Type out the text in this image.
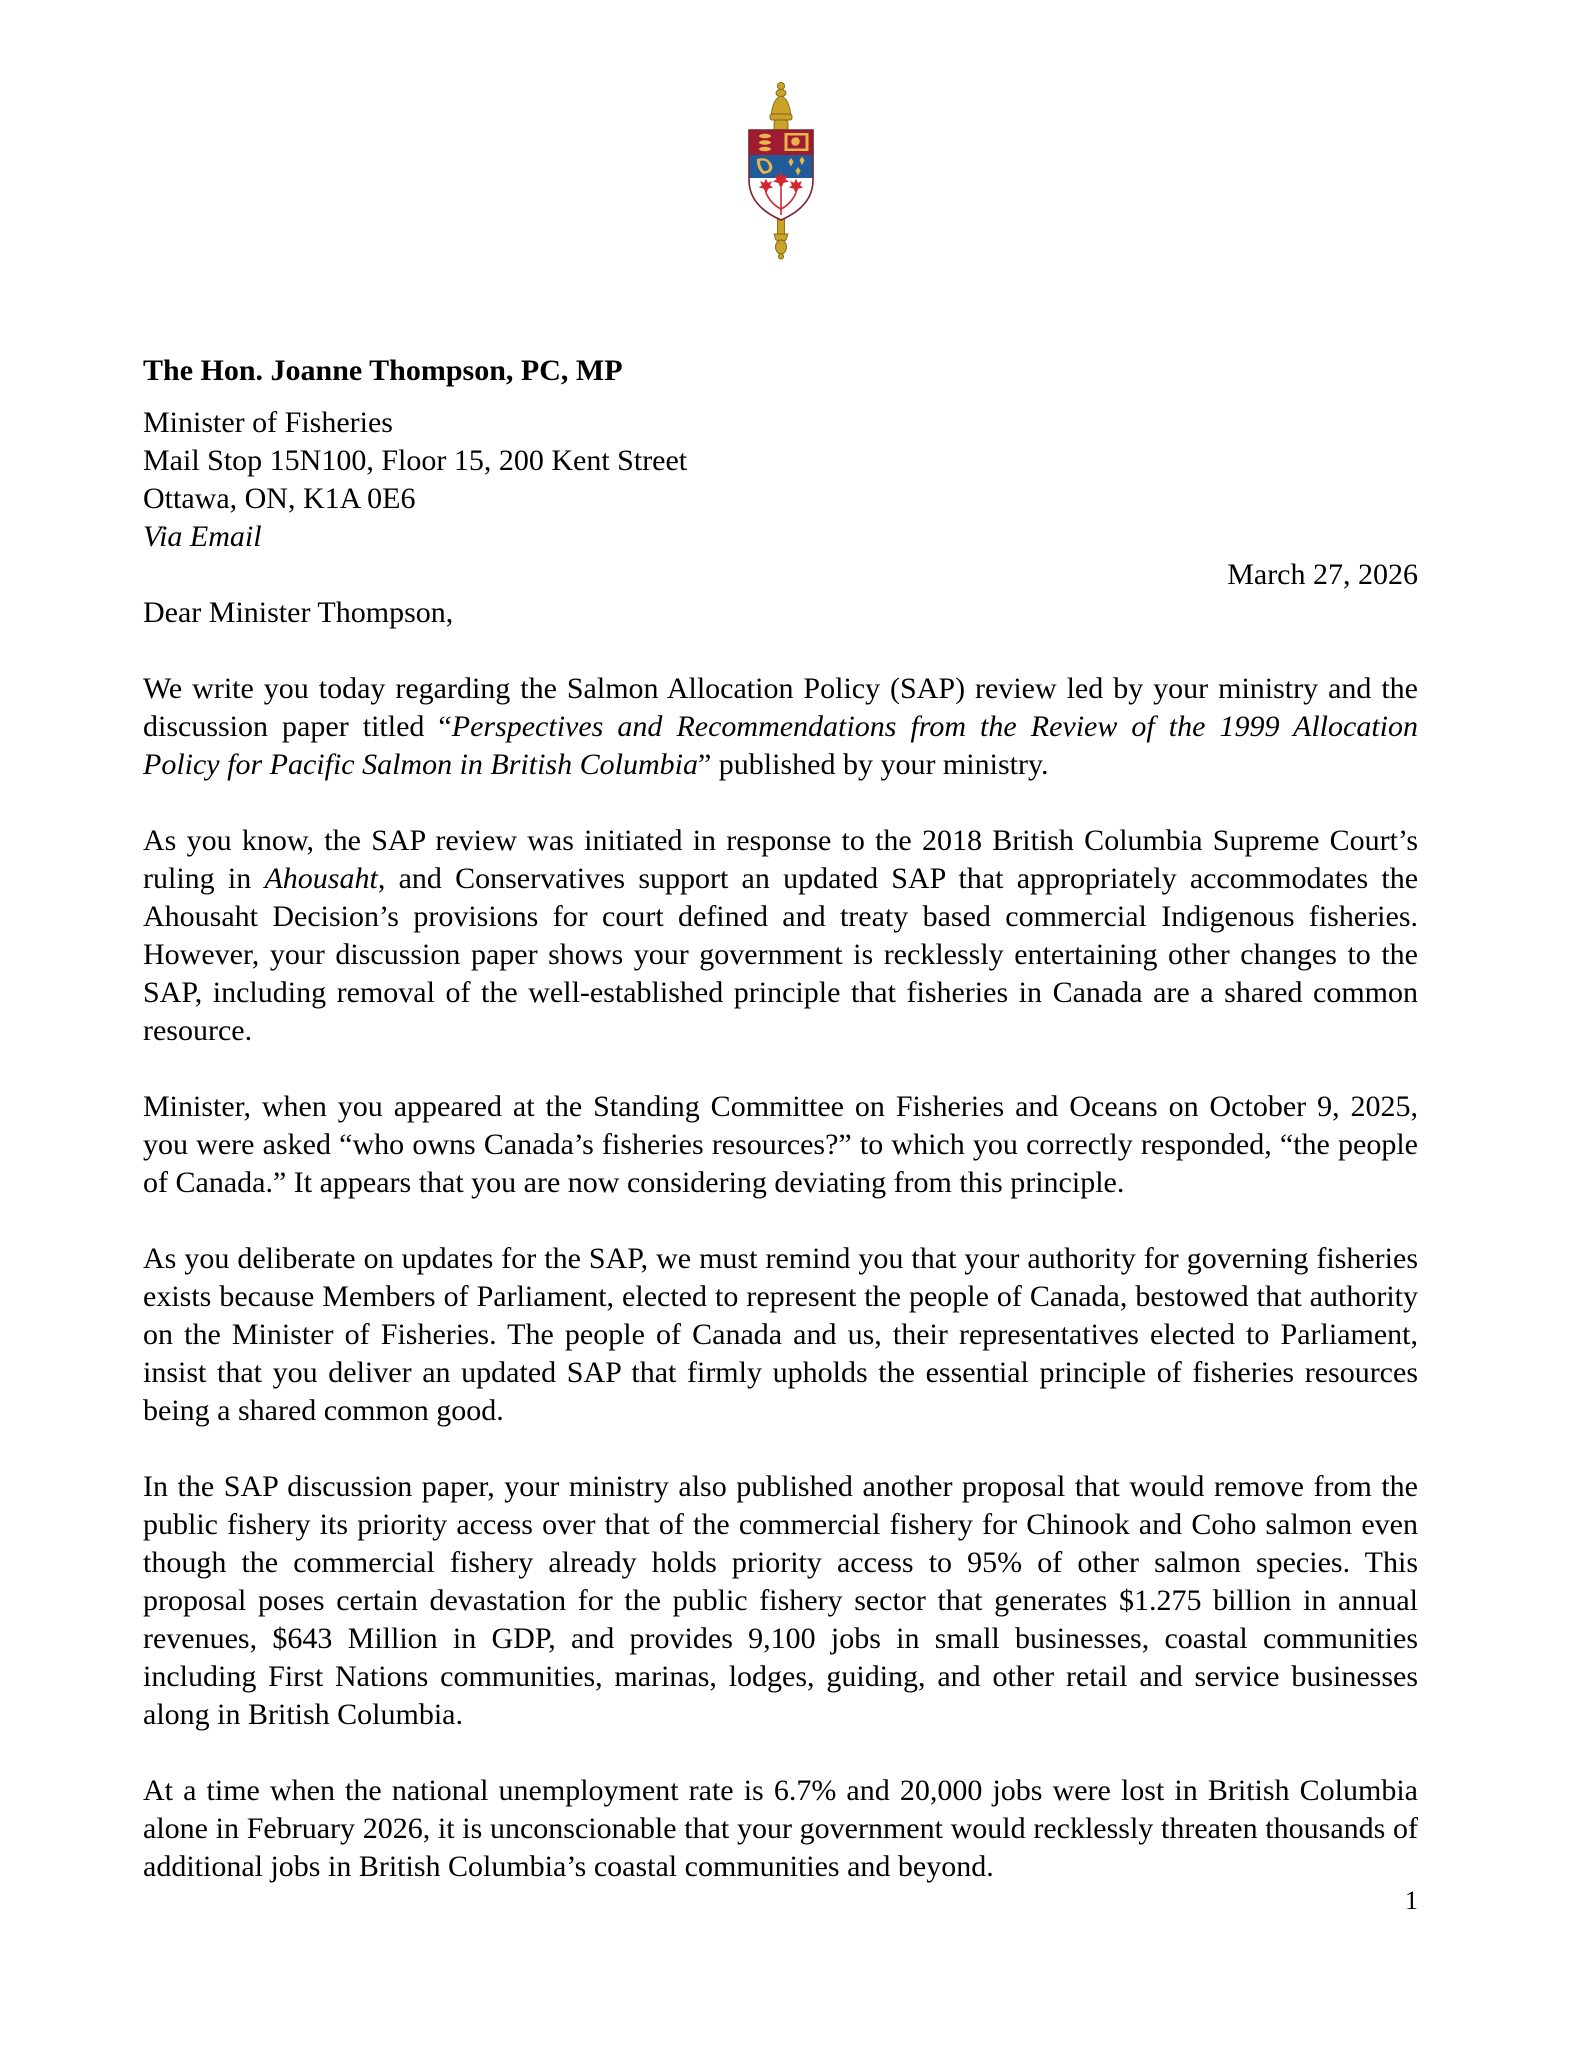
The Hon. Joanne Thompson, PC, MP
Minister of Fisheries
Mail Stop 15N100, Floor 15, 200 Kent Street
Ottawa, ON, K1A 0E6
Via Email
March 27, 2026
Dear Minister Thompson,

We write you today regarding the Salmon Allocation Policy (SAP) review led by your ministry and the discussion paper titled “Perspectives and Recommendations from the Review of the 1999 Allocation Policy for Pacific Salmon in British Columbia” published by your ministry.

As you know, the SAP review was initiated in response to the 2018 British Columbia Supreme Court’s ruling in Ahousaht, and Conservatives support an updated SAP that appropriately accommodates the Ahousaht Decision’s provisions for court defined and treaty based commercial Indigenous fisheries. However, your discussion paper shows your government is recklessly entertaining other changes to the SAP, including removal of the well-established principle that fisheries in Canada are a shared common resource.

Minister, when you appeared at the Standing Committee on Fisheries and Oceans on October 9, 2025, you were asked “who owns Canada’s fisheries resources?” to which you correctly responded, “the people of Canada.” It appears that you are now considering deviating from this principle.

As you deliberate on updates for the SAP, we must remind you that your authority for governing fisheries exists because Members of Parliament, elected to represent the people of Canada, bestowed that authority on the Minister of Fisheries. The people of Canada and us, their representatives elected to Parliament, insist that you deliver an updated SAP that firmly upholds the essential principle of fisheries resources being a shared common good.

In the SAP discussion paper, your ministry also published another proposal that would remove from the public fishery its priority access over that of the commercial fishery for Chinook and Coho salmon even though the commercial fishery already holds priority access to 95% of other salmon species. This proposal poses certain devastation for the public fishery sector that generates $1.275 billion in annual revenues, $643 Million in GDP, and provides 9,100 jobs in small businesses, coastal communities including First Nations communities, marinas, lodges, guiding, and other retail and service businesses along in British Columbia.

At a time when the national unemployment rate is 6.7% and 20,000 jobs were lost in British Columbia alone in February 2026, it is unconscionable that your government would recklessly threaten thousands of additional jobs in British Columbia’s coastal communities and beyond.

1
